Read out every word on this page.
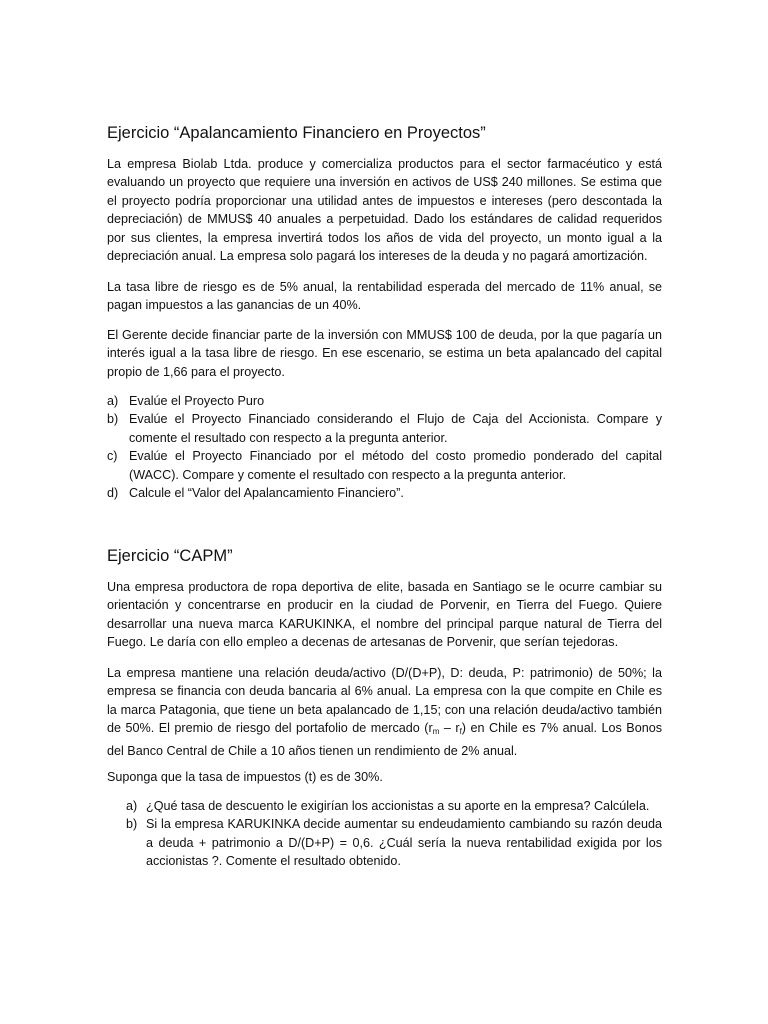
Ejercicio “Apalancamiento Financiero en Proyectos”

La empresa Biolab Ltda. produce y comercializa productos para el sector farmacéutico y está evaluando un proyecto que requiere una inversión en activos de US$ 240 millones. Se estima que el proyecto podría proporcionar una utilidad antes de impuestos e intereses (pero descontada la depreciación) de MMUS$ 40 anuales a perpetuidad. Dado los estándares de calidad requeridos por sus clientes, la empresa invertirá todos los años de vida del proyecto, un monto igual a la depreciación anual. La empresa solo pagará los intereses de la deuda y no pagará amortización.

La tasa libre de riesgo es de 5% anual, la rentabilidad esperada del mercado de 11% anual, se pagan impuestos a las ganancias de un 40%.

El Gerente decide financiar parte de la inversión con MMUS$ 100 de deuda, por la que pagaría un interés igual a la tasa libre de riesgo. En ese escenario, se estima un beta apalancado del capital propio de 1,66 para el proyecto.

a) Evalúe el Proyecto Puro
b) Evalúe el Proyecto Financiado considerando el Flujo de Caja del Accionista. Compare y comente el resultado con respecto a la pregunta anterior.
c) Evalúe el Proyecto Financiado por el método del costo promedio ponderado del capital (WACC). Compare y comente el resultado con respecto a la pregunta anterior.
d) Calcule el “Valor del Apalancamiento Financiero”.
Ejercicio “CAPM”

Una empresa productora de ropa deportiva de elite, basada en Santiago se le ocurre cambiar su orientación y concentrarse en producir en la ciudad de Porvenir, en Tierra del Fuego. Quiere desarrollar una nueva marca KARUKINKA, el nombre del principal parque natural de Tierra del Fuego. Le daría con ello empleo a decenas de artesanas de Porvenir, que serían tejedoras.

La empresa mantiene una relación deuda/activo (D/(D+P), D: deuda, P: patrimonio) de 50%; la empresa se financia con deuda bancaria al 6% anual. La empresa con la que compite en Chile es la marca Patagonia, que tiene un beta apalancado de 1,15; con una relación deuda/activo también de 50%. El premio de riesgo del portafolio de mercado $(r_m - r_f)$ en Chile es 7% anual. Los Bonos del Banco Central de Chile a 10 años tienen un rendimiento de 2% anual.

Suponga que la tasa de impuestos (t) es de 30%.

a) ¿Qué tasa de descuento le exigirían los accionistas a su aporte en la empresa? Calcúlela.
b) Si la empresa KARUKINKA decide aumentar su endeudamiento cambiando su razón deuda a deuda + patrimonio a D/(D+P) = 0,6. ¿Cuál sería la nueva rentabilidad exigida por los accionistas ?. Comente el resultado obtenido.
